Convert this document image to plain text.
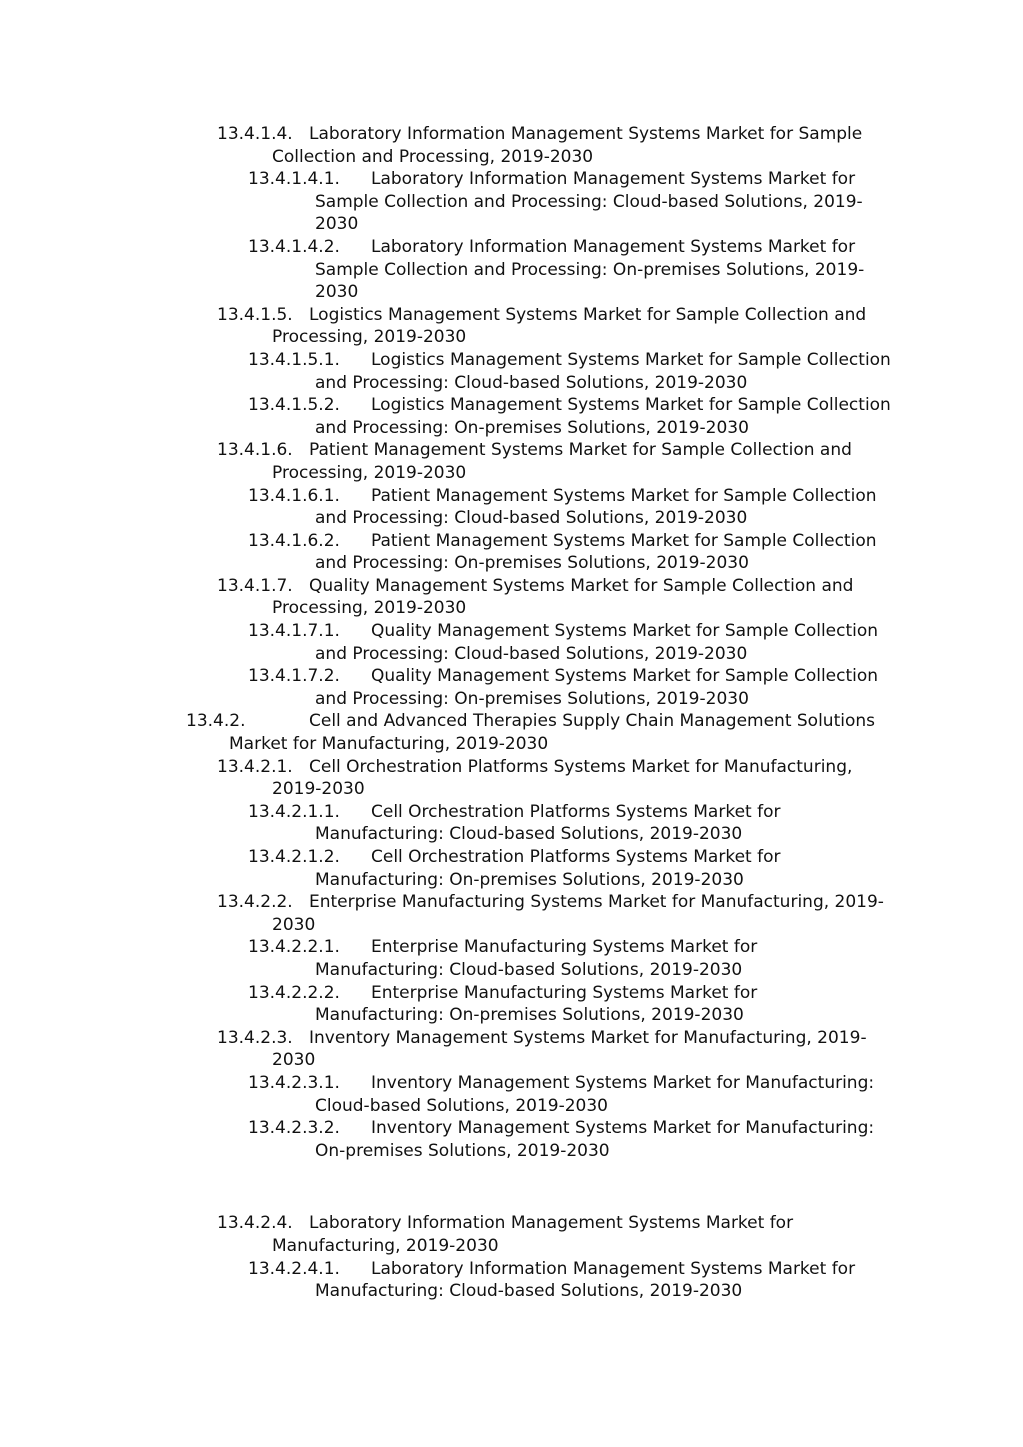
13.4.1.4. Laboratory Information Management Systems Market for Sample
Collection and Processing, 2019-2030
13.4.1.4.1. Laboratory Information Management Systems Market for
Sample Collection and Processing: Cloud-based Solutions, 2019-
2030
13.4.1.4.2. Laboratory Information Management Systems Market for
Sample Collection and Processing: On-premises Solutions, 2019-
2030
13.4.1.5. Logistics Management Systems Market for Sample Collection and
Processing, 2019-2030
13.4.1.5.1. Logistics Management Systems Market for Sample Collection
and Processing: Cloud-based Solutions, 2019-2030
13.4.1.5.2. Logistics Management Systems Market for Sample Collection
and Processing: On-premises Solutions, 2019-2030
13.4.1.6. Patient Management Systems Market for Sample Collection and
Processing, 2019-2030
13.4.1.6.1. Patient Management Systems Market for Sample Collection
and Processing: Cloud-based Solutions, 2019-2030
13.4.1.6.2. Patient Management Systems Market for Sample Collection
and Processing: On-premises Solutions, 2019-2030
13.4.1.7. Quality Management Systems Market for Sample Collection and
Processing, 2019-2030
13.4.1.7.1. Quality Management Systems Market for Sample Collection
and Processing: Cloud-based Solutions, 2019-2030
13.4.1.7.2. Quality Management Systems Market for Sample Collection
and Processing: On-premises Solutions, 2019-2030
13.4.2.	Cell and Advanced Therapies Supply Chain Management Solutions
Market for Manufacturing, 2019-2030
13.4.2.1. Cell Orchestration Platforms Systems Market for Manufacturing,
2019-2030
13.4.2.1.1. Cell Orchestration Platforms Systems Market for
Manufacturing: Cloud-based Solutions, 2019-2030
13.4.2.1.2. Cell Orchestration Platforms Systems Market for
Manufacturing: On-premises Solutions, 2019-2030
13.4.2.2. Enterprise Manufacturing Systems Market for Manufacturing, 2019-
2030
13.4.2.2.1. Enterprise Manufacturing Systems Market for
Manufacturing: Cloud-based Solutions, 2019-2030
13.4.2.2.2. Enterprise Manufacturing Systems Market for
Manufacturing: On-premises Solutions, 2019-2030
13.4.2.3. Inventory Management Systems Market for Manufacturing, 2019-
2030
13.4.2.3.1. Inventory Management Systems Market for Manufacturing:
Cloud-based Solutions, 2019-2030
13.4.2.3.2. Inventory Management Systems Market for Manufacturing:
On-premises Solutions, 2019-2030
13.4.2.4. Laboratory Information Management Systems Market for
Manufacturing, 2019-2030
13.4.2.4.1. Laboratory Information Management Systems Market for
Manufacturing: Cloud-based Solutions, 2019-2030
